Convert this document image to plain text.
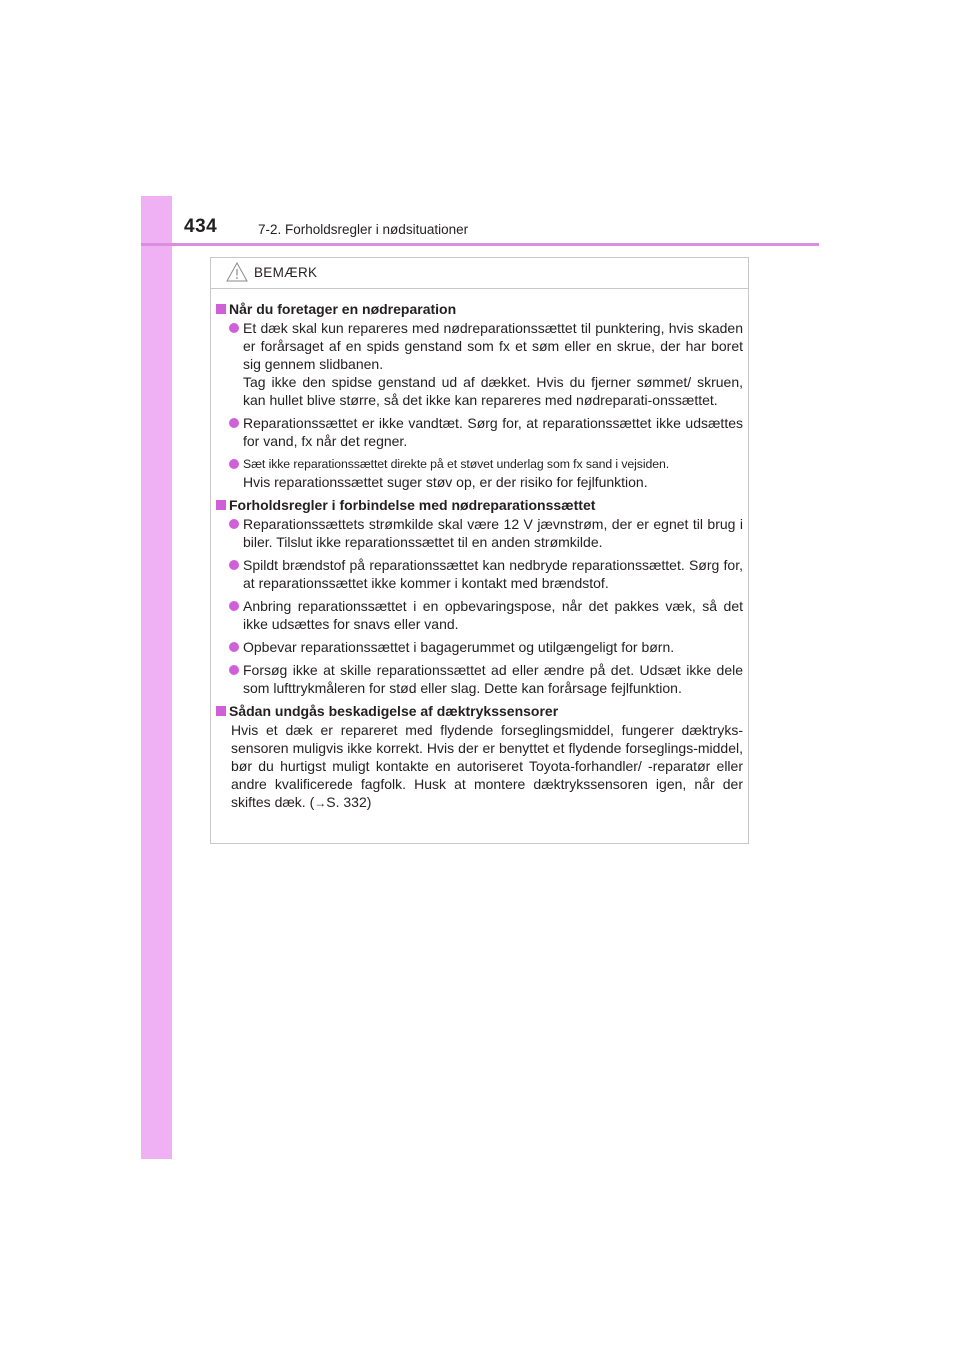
434	7-2. Forholdsregler i nødsituationer
BEMÆRK
Når du foretager en nødreparation
Et dæk skal kun repareres med nødreparationssættet til punktering, hvis skaden er forårsaget af en spids genstand som fx et søm eller en skrue, der har boret sig gennem slidbanen.
Tag ikke den spidse genstand ud af dækket. Hvis du fjerner sømmet/ skruen, kan hullet blive større, så det ikke kan repareres med nødreparati-onssættet.
Reparationssættet er ikke vandtæt. Sørg for, at reparationssættet ikke udsættes for vand, fx når det regner.
Sæt ikke reparationssættet direkte på et støvet underlag som fx sand i vejsiden.
Hvis reparationssættet suger støv op, er der risiko for fejlfunktion.
Forholdsregler i forbindelse med nødreparationssættet
Reparationssættets strømkilde skal være 12 V jævnstrøm, der er egnet til brug i biler. Tilslut ikke reparationssættet til en anden strømkilde.
Spildt brændstof på reparationssættet kan nedbryde reparationssættet. Sørg for, at reparationssættet ikke kommer i kontakt med brændstof.
Anbring reparationssættet i en opbevaringspose, når det pakkes væk, så det ikke udsættes for snavs eller vand.
Opbevar reparationssættet i bagagerummet og utilgængeligt for børn.
Forsøg ikke at skille reparationssættet ad eller ændre på det. Udsæt ikke dele som lufttrykmåleren for stød eller slag. Dette kan forårsage fejlfunktion.
Sådan undgås beskadigelse af dæktrykssensorer
Hvis et dæk er repareret med flydende forseglingsmiddel, fungerer dæktryks-sensoren muligvis ikke korrekt. Hvis der er benyttet et flydende forseglings-middel, bør du hurtigst muligt kontakte en autoriseret Toyota-forhandler/ -reparatør eller andre kvalificerede fagfolk. Husk at montere dæktrykssensoren igen, når der skiftes dæk. (→S. 332)
